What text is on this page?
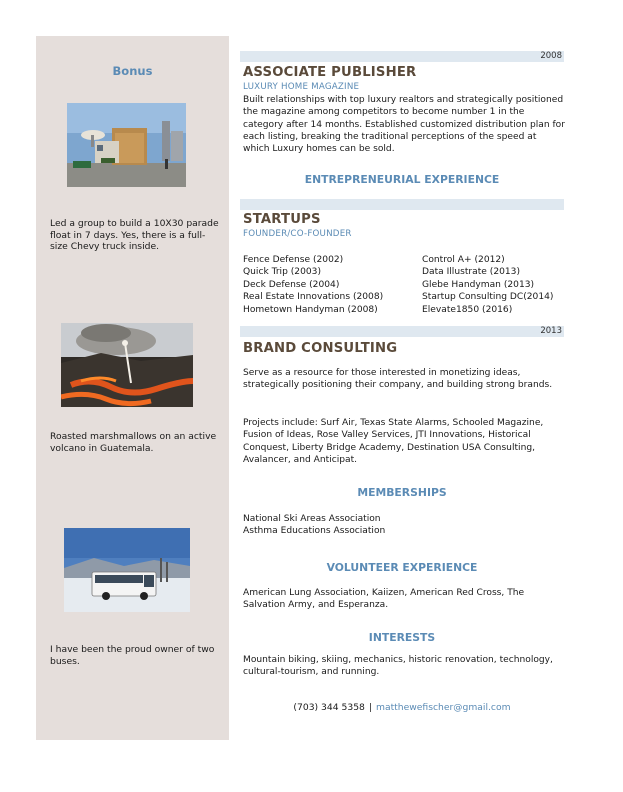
Bonus
Led a group to build a 10X30 parade float in 7 days. Yes, there is a full-size Chevy truck inside.
Roasted marshmallows on an active volcano in Guatemala.
I have been the proud owner of two buses.
2008
ASSOCIATE PUBLISHER
LUXURY HOME MAGAZINE
Built relationships with top luxury realtors and strategically positioned the magazine among competitors to become number 1 in the category after 14 months. Established customized distribution plan for each listing, breaking the traditional perceptions of the speed at which Luxury homes can be sold.
ENTREPRENEURIAL EXPERIENCE
STARTUPS
FOUNDER/CO-FOUNDER
Fence Defense (2002)
Quick Trip (2003)
Deck Defense (2004)
Real Estate Innovations (2008)
Hometown Handyman (2008)
Control A+ (2012)
Data Illustrate (2013)
Glebe Handyman (2013)
Startup Consulting DC(2014)
Elevate1850 (2016)
2013
BRAND CONSULTING
Serve as a resource for those interested in monetizing ideas, strategically positioning their company, and building strong brands.
Projects include: Surf Air, Texas State Alarms, Schooled Magazine, Fusion of Ideas, Rose Valley Services, JTI Innovations, Historical Conquest, Liberty Bridge Academy, Destination USA Consulting, Avalancer, and Anticipat.
MEMBERSHIPS
National Ski Areas Association
Asthma Educations Association
VOLUNTEER EXPERIENCE
American Lung Association, Kaiizen, American Red Cross, The Salvation Army, and Esperanza.
INTERESTS
Mountain biking, skiing, mechanics, historic renovation, technology, cultural-tourism, and running.
(703) 344 5358 | matthewefischer@gmail.com
